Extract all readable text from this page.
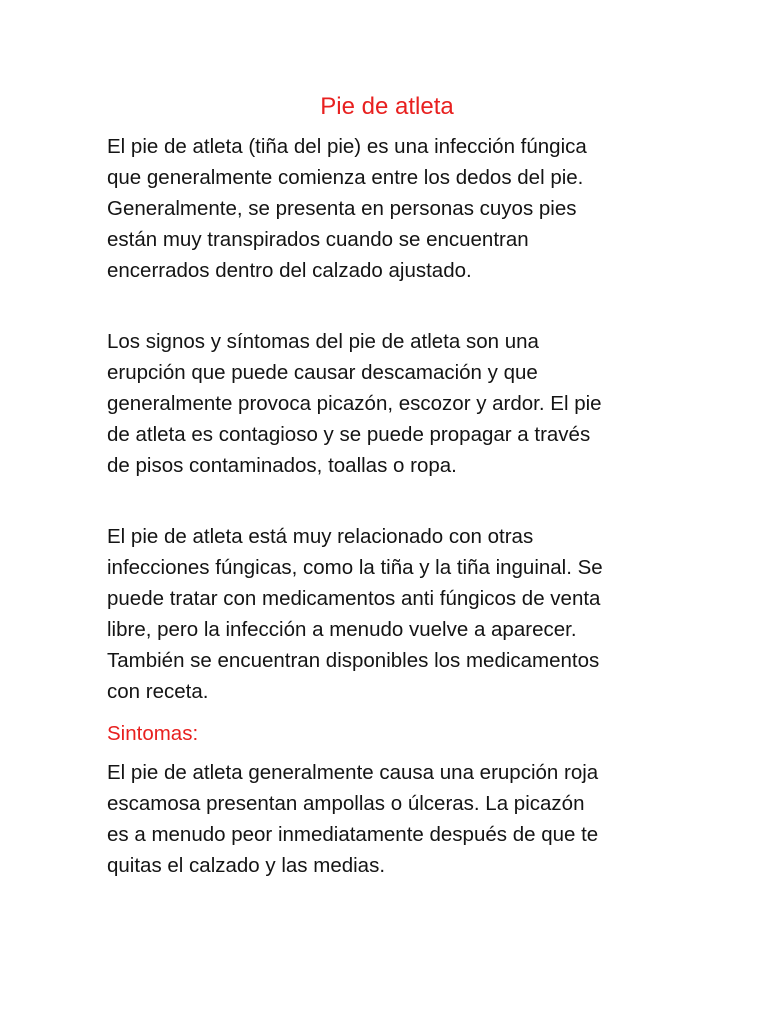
Pie de atleta

El pie de atleta (tiña del pie) es una infección fúngica
que generalmente comienza entre los dedos del pie.
Generalmente, se presenta en personas cuyos pies
están muy transpirados cuando se encuentran
encerrados dentro del calzado ajustado.

Los signos y síntomas del pie de atleta son una
erupción que puede causar descamación y que
generalmente provoca picazón, escozor y ardor. El pie
de atleta es contagioso y se puede propagar a través
de pisos contaminados, toallas o ropa.

El pie de atleta está muy relacionado con otras
infecciones fúngicas, como la tiña y la tiña inguinal. Se
puede tratar con medicamentos anti fúngicos de venta
libre, pero la infección a menudo vuelve a aparecer.
También se encuentran disponibles los medicamentos
con receta.

Sintomas:

El pie de atleta generalmente causa una erupción roja
escamosa presentan ampollas o úlceras. La picazón
es a menudo peor inmediatamente después de que te
quitas el calzado y las medias.
